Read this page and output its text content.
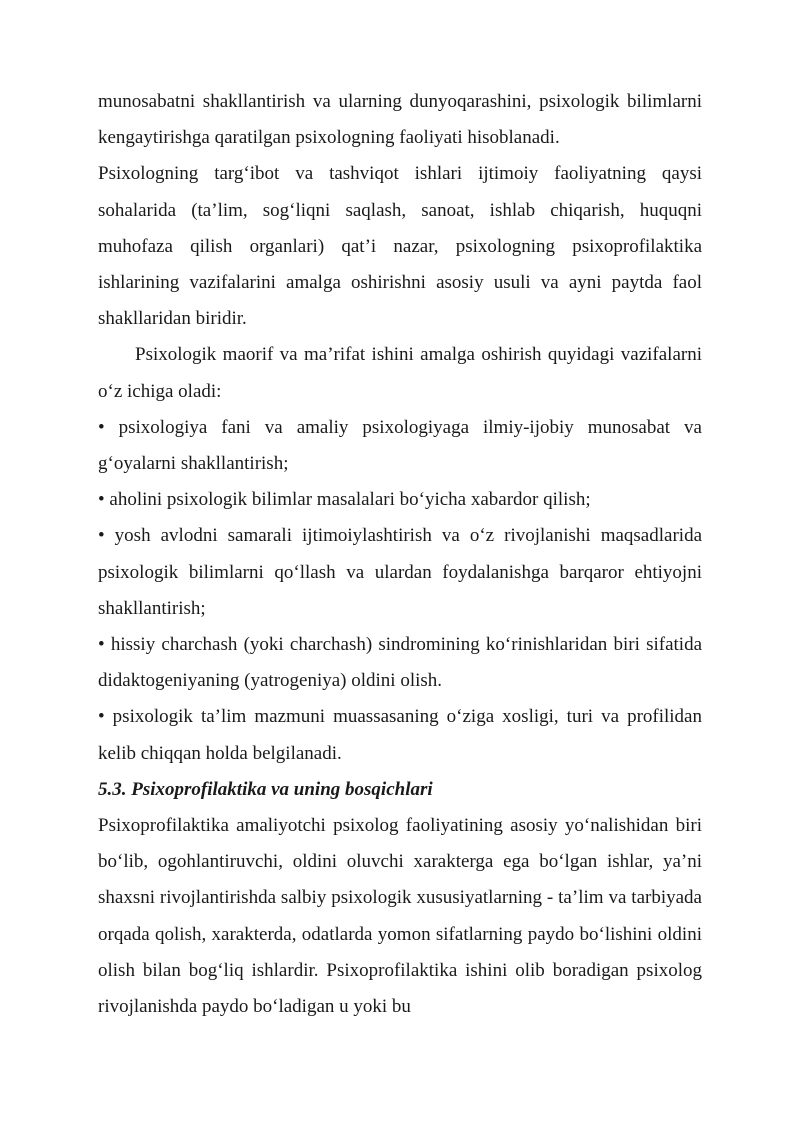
munosabatni shakllantirish va ularning dunyoqarashini, psixologik bilimlarni kengaytirishga qaratilgan psixologning faoliyati hisoblanadi.

Psixologning targ‘ibot va tashviqot ishlari ijtimoiy faoliyatning qaysi sohalarida (ta’lim, sog‘liqni saqlash, sanoat, ishlab chiqarish, huquqni muhofaza qilish organlari) qat’i nazar, psixologning psixoprofilaktika ishlarining vazifalarini amalga oshirishni asosiy usuli va ayni paytda faol shakllaridan biridir.

Psixologik maorif va ma’rifat ishini amalga oshirish quyidagi vazifalarni o‘z ichiga oladi:

• psixologiya fani va amaliy psixologiyaga ilmiy-ijobiy munosabat va g‘oyalarni shakllantirish;

• aholini psixologik bilimlar masalalari bo‘yicha xabardor qilish;

• yosh avlodni samarali ijtimoiylashtirish va o‘z rivojlanishi maqsadlarida psixologik bilimlarni qo‘llash va ulardan foydalanishga barqaror ehtiyojni shakllantirish;

• hissiy charchash (yoki charchash) sindromining ko‘rinishlaridan biri sifatida didaktogeniyaning (yatrogeniya) oldini olish.

• psixologik ta’lim mazmuni muassasaning o‘ziga xosligi, turi va profilidan kelib chiqqan holda belgilanadi.

5.3. Psixoprofilaktika va uning bosqichlari

Psixoprofilaktika amaliyotchi psixolog faoliyatining asosiy yo‘nalishidan biri bo‘lib, ogohlantiruvchi, oldini oluvchi xarakterga ega bo‘lgan ishlar, ya’ni shaxsni rivojlantirishda salbiy psixologik xususiyatlarning - ta’lim va tarbiyada orqada qolish, xarakterda, odatlarda yomon sifatlarning paydo bo‘lishini oldini olish bilan bog‘liq ishlardir. Psixoprofilaktika ishini olib boradigan psixolog rivojlanishda paydo bo‘ladigan u yoki bu
